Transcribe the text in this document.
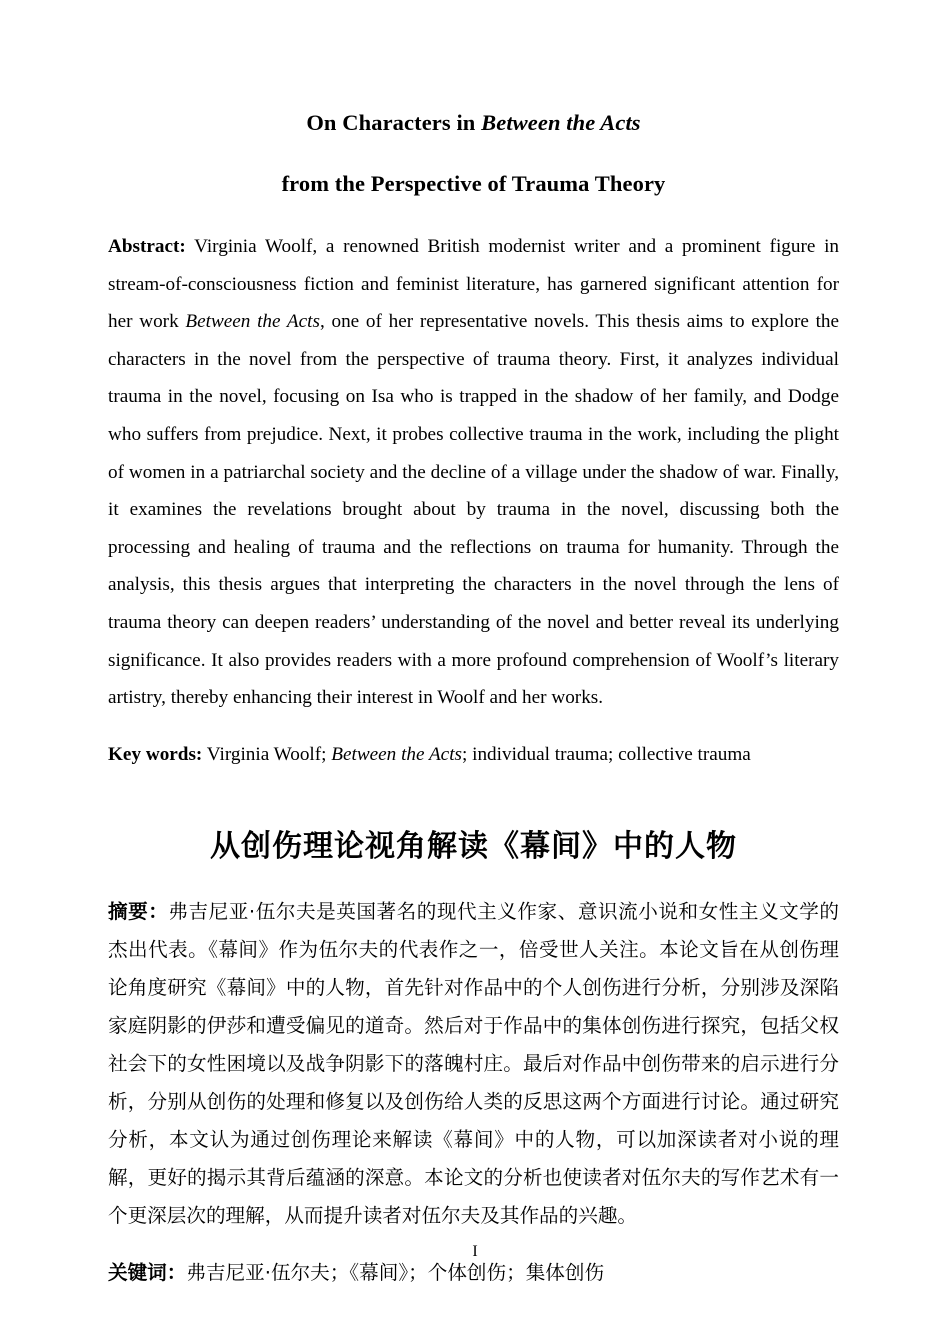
On Characters in Between the Acts
from the Perspective of Trauma Theory

Abstract: Virginia Woolf, a renowned British modernist writer and a prominent figure in stream-of-consciousness fiction and feminist literature, has garnered significant attention for her work Between the Acts, one of her representative novels. This thesis aims to explore the characters in the novel from the perspective of trauma theory. First, it analyzes individual trauma in the novel, focusing on Isa who is trapped in the shadow of her family, and Dodge who suffers from prejudice. Next, it probes collective trauma in the work, including the plight of women in a patriarchal society and the decline of a village under the shadow of war. Finally, it examines the revelations brought about by trauma in the novel, discussing both the processing and healing of trauma and the reflections on trauma for humanity. Through the analysis, this thesis argues that interpreting the characters in the novel through the lens of trauma theory can deepen readers’ understanding of the novel and better reveal its underlying significance. It also provides readers with a more profound comprehension of Woolf’s literary artistry, thereby enhancing their interest in Woolf and her works.

Key words: Virginia Woolf; Between the Acts; individual trauma; collective trauma

从创伤理论视角解读《幕间》中的人物

摘要：弗吉尼亚·伍尔夫是英国著名的现代主义作家、意识流小说和女性主义文学的杰出代表。《幕间》作为伍尔夫的代表作之一，倍受世人关注。本论文旨在从创伤理论角度研究《幕间》中的人物，首先针对作品中的个人创伤进行分析，分别涉及深陷家庭阴影的伊莎和遭受偏见的道奇。然后对于作品中的集体创伤进行探究，包括父权社会下的女性困境以及战争阴影下的落魄村庄。最后对作品中创伤带来的启示进行分析，分别从创伤的处理和修复以及创伤给人类的反思这两个方面进行讨论。通过研究分析，本文认为通过创伤理论来解读《幕间》中的人物，可以加深读者对小说的理解，更好的揭示其背后蕴涵的深意。本论文的分析也使读者对伍尔夫的写作艺术有一个更深层次的理解，从而提升读者对伍尔夫及其作品的兴趣。

关键词：弗吉尼亚·伍尔夫；《幕间》；个体创伤；集体创伤

I
